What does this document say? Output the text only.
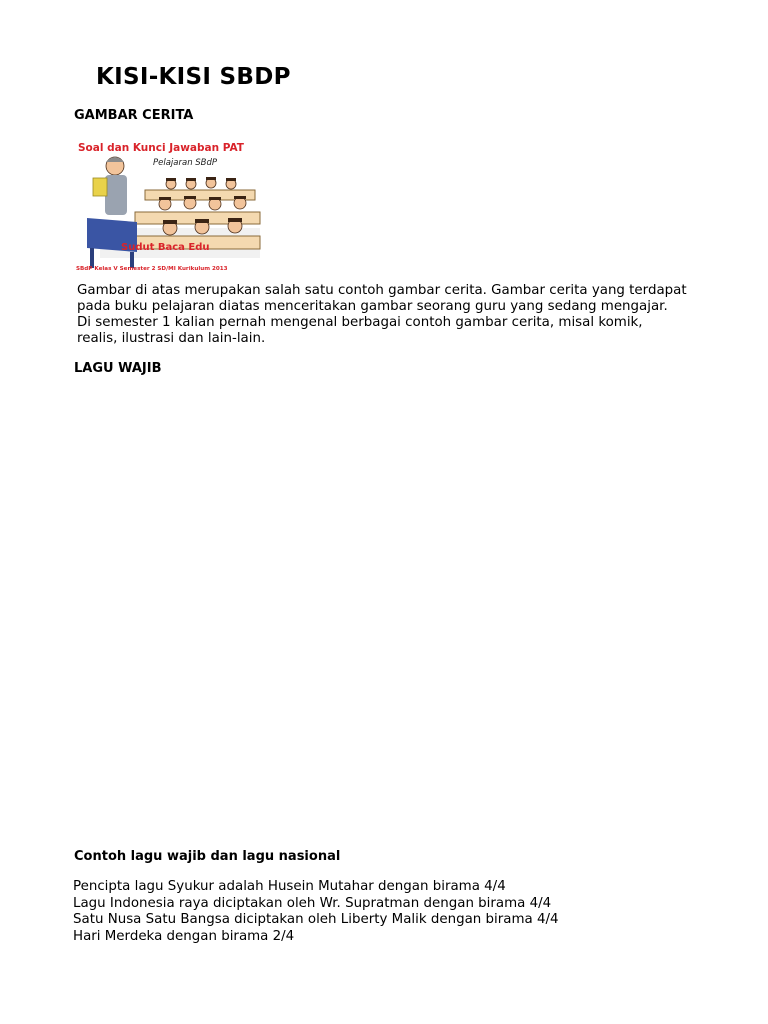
KISI-KISI SBDP
GAMBAR CERITA
Soal dan Kunci Jawaban PAT
Pelajaran SBdP
Sudut Baca Edu
SBdP Kelas V Semester 2 SD/MI Kurikulum 2013

Gambar di atas merupakan salah satu contoh gambar cerita. Gambar cerita yang terdapat
pada buku pelajaran diatas menceritakan gambar seorang guru yang sedang mengajar.
Di semester 1 kalian pernah mengenal berbagai contoh gambar cerita, misal komik,
realis, ilustrasi dan lain-lain.

LAGU WAJIB
Contoh lagu wajib dan lagu nasional
Pencipta lagu Syukur adalah Husein Mutahar dengan birama 4/4
Lagu Indonesia raya diciptakan oleh Wr. Supratman dengan birama 4/4
Satu Nusa Satu Bangsa diciptakan oleh Liberty Malik dengan birama 4/4
Hari Merdeka dengan birama 2/4
